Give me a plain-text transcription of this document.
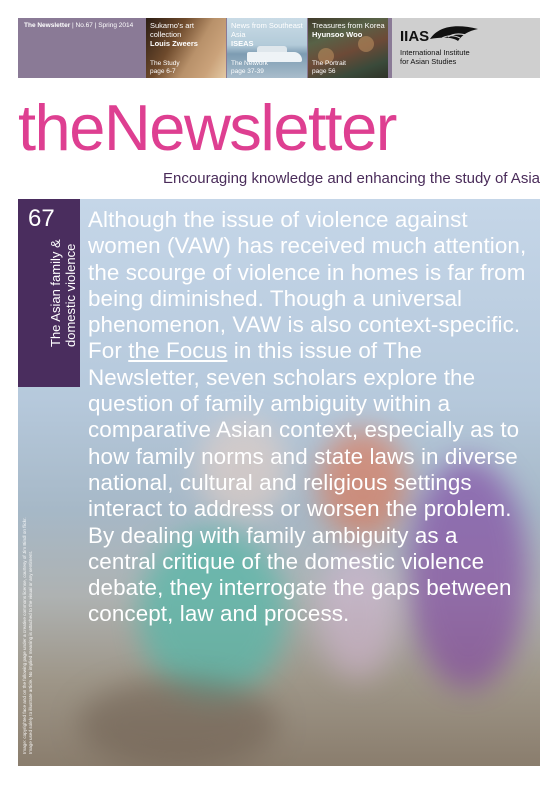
The Newsletter | No.67 | Spring 2014 Sukarno's art collection
Louis Zweers
The Study
page 6-7
News from Southeast Asia
ISEAS
The Network
page 37-39
Treasures from Korea
Hyunsoo Woo
The Portrait
page 56
IIAS
International Institute
for Asian Studies
theNewsletter
Encouraging knowledge and enhancing the study of Asia
67
The Asian family &
domestic violence
Image: copyrighted face and on the following page under a creative commons license, courtesy of Jim Bindl on flickr.
Image used solely to illustrate article. No implied meaning is attached to the visual or any sentiment.
Although the issue of violence against women (VAW) has received much attention, the scourge of violence in homes is far from being diminished. Though a universal phenomenon, VAW is also context-specific. For the Focus in this issue of The Newsletter, seven scholars explore the question of family ambiguity within a comparative Asian context, especially as to how family norms and state laws in diverse national, cultural and religious settings interact to address or worsen the problem. By dealing with family ambiguity as a central critique of the domestic violence debate, they interrogate the gaps between concept, law and process.
